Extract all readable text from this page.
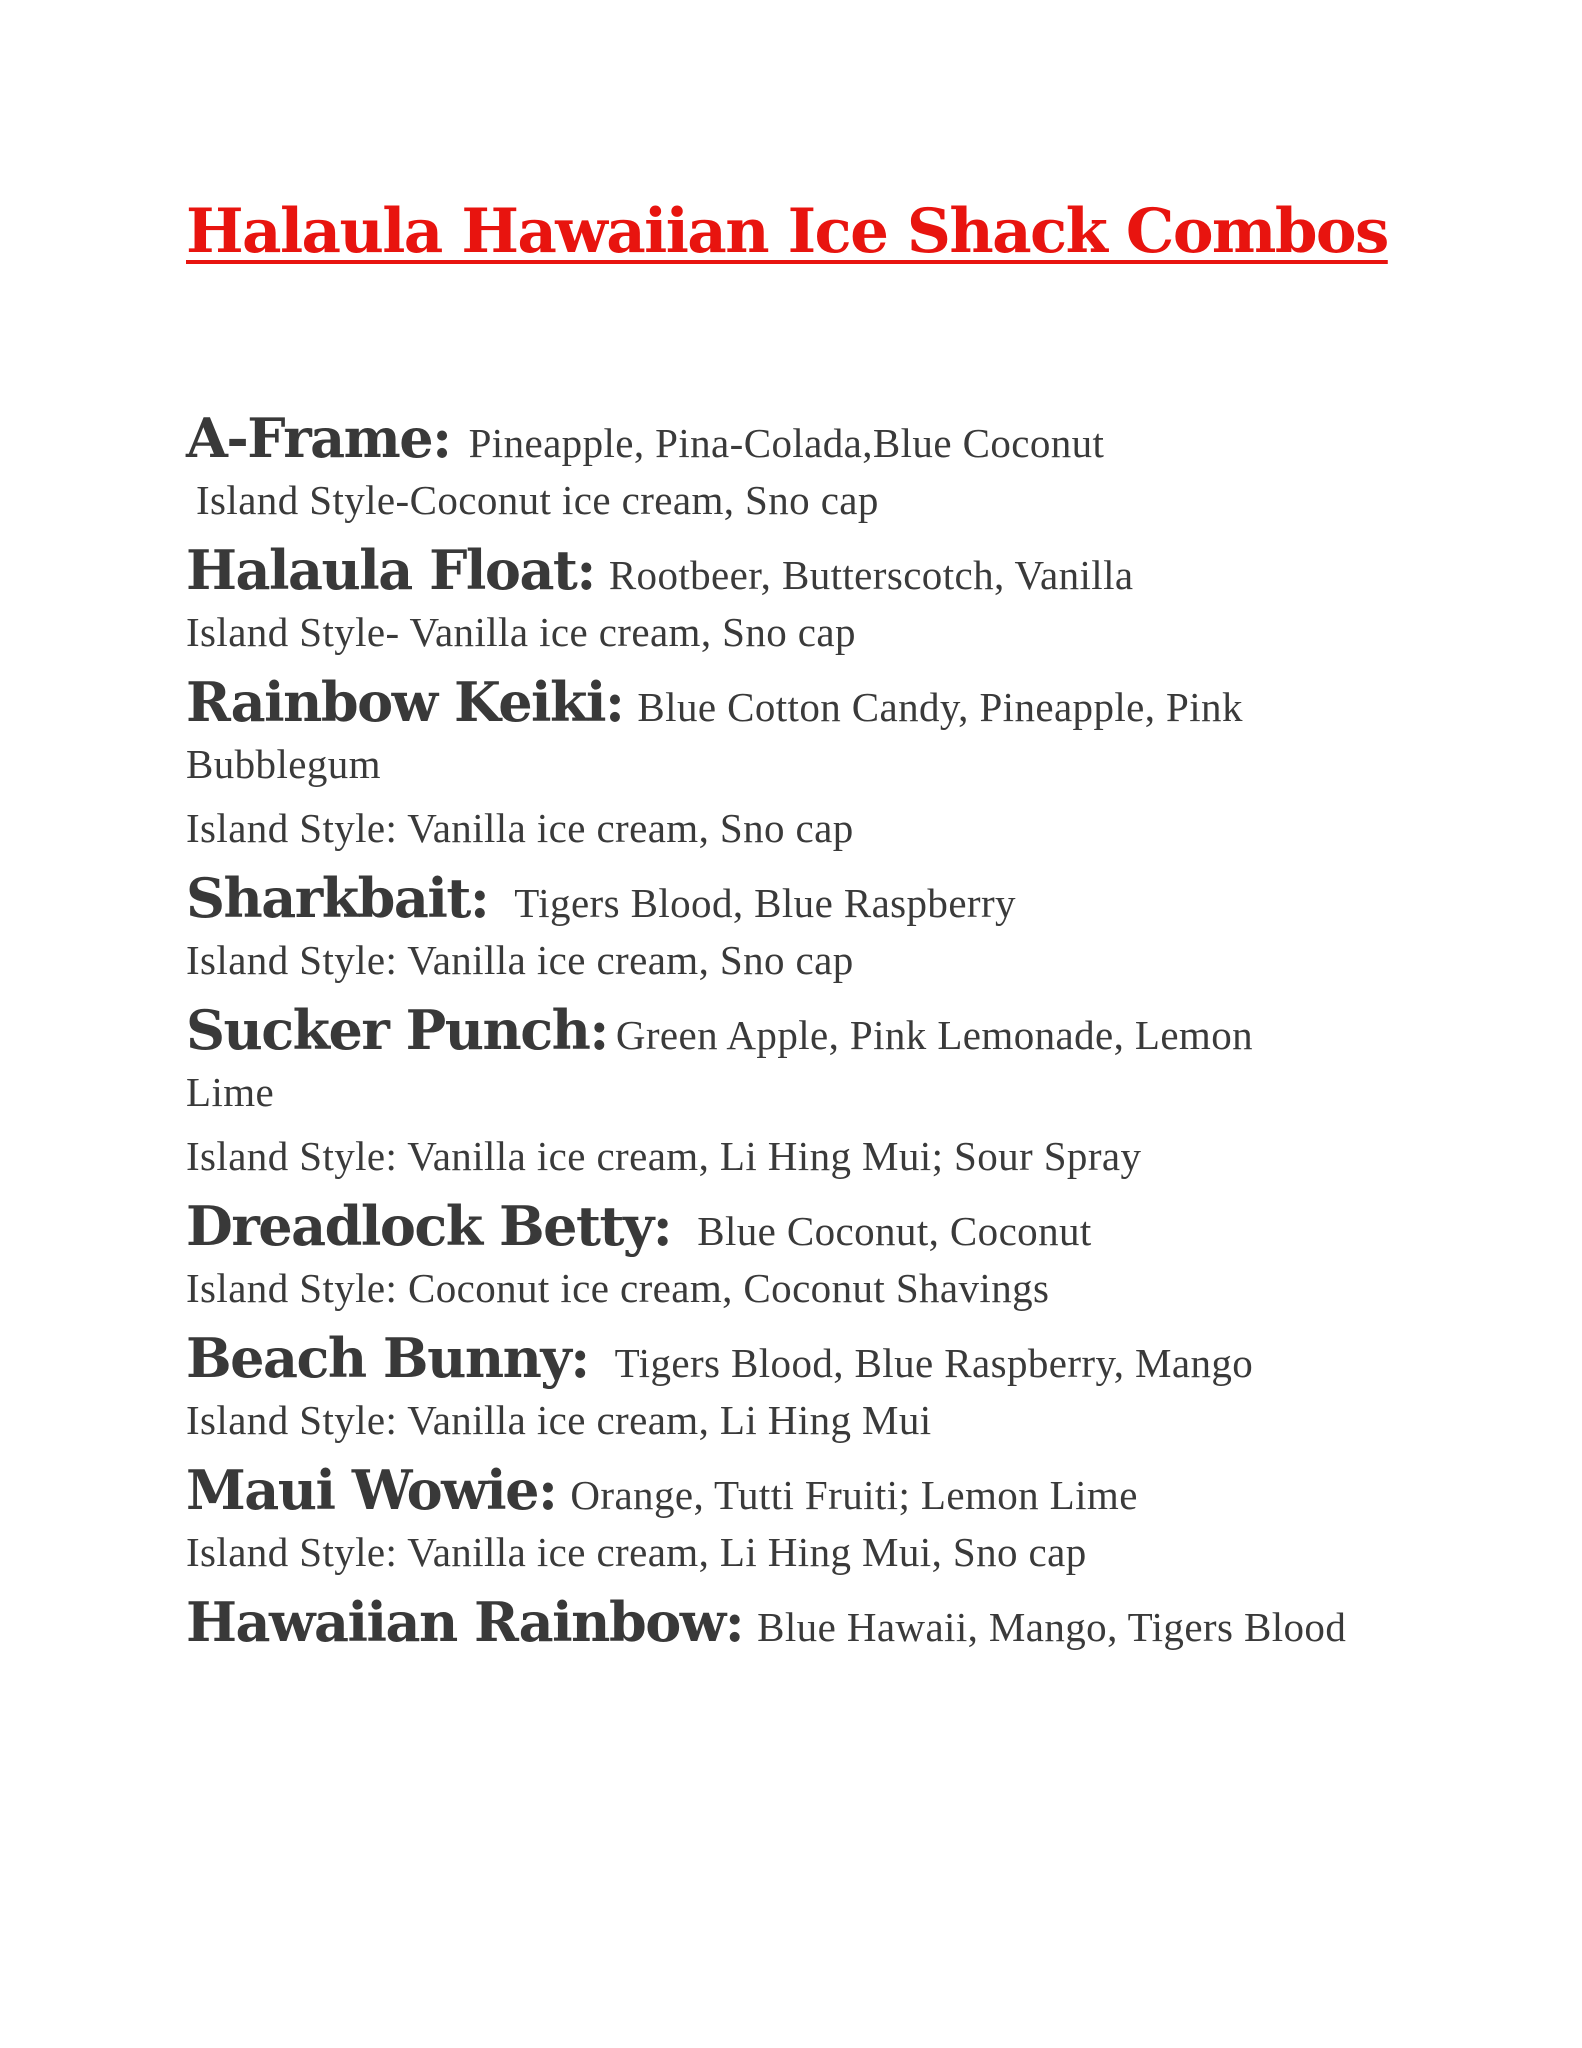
Halaula Hawaiian Ice Shack Combos
A-Frame: Pineapple, Pina-Colada,Blue Coconut
Island Style-Coconut ice cream, Sno cap
Halaula Float: Rootbeer, Butterscotch, Vanilla
Island Style- Vanilla ice cream, Sno cap
Rainbow Keiki: Blue Cotton Candy, Pineapple, Pink
Bubblegum
Island Style: Vanilla ice cream, Sno cap
Sharkbait: Tigers Blood, Blue Raspberry
Island Style: Vanilla ice cream, Sno cap
Sucker Punch: Green Apple, Pink Lemonade, Lemon
Lime
Island Style: Vanilla ice cream, Li Hing Mui; Sour Spray
Dreadlock Betty: Blue Coconut, Coconut
Island Style: Coconut ice cream, Coconut Shavings
Beach Bunny: Tigers Blood, Blue Raspberry, Mango
Island Style: Vanilla ice cream, Li Hing Mui
Maui Wowie: Orange, Tutti Fruiti; Lemon Lime
Island Style: Vanilla ice cream, Li Hing Mui, Sno cap
Hawaiian Rainbow: Blue Hawaii, Mango, Tigers Blood
